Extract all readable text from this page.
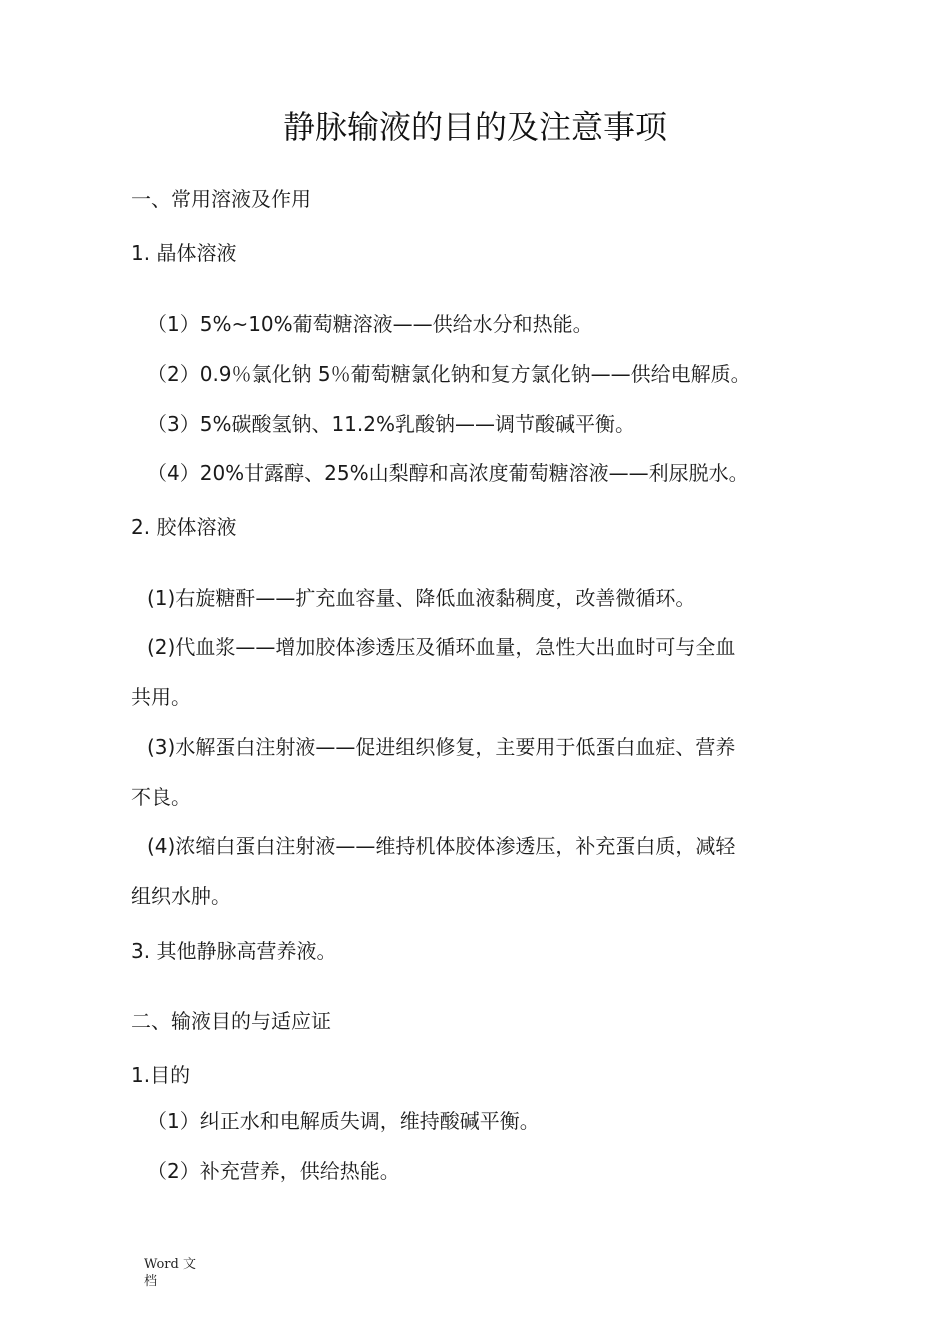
静脉输液的目的及注意事项
一、常用溶液及作用
1. 晶体溶液
（1）5%~10%葡萄糖溶液——供给水分和热能。
（2）0.9％氯化钠 5％葡萄糖氯化钠和复方氯化钠——供给电解质。
（3）5%碳酸氢钠、11.2%乳酸钠——调节酸碱平衡。
（4）20%甘露醇、25%山梨醇和高浓度葡萄糖溶液——利尿脱水。
2. 胶体溶液
(1)右旋糖酐——扩充血容量、降低血液黏稠度，改善微循环。
(2)代血浆——增加胶体渗透压及循环血量，急性大出血时可与全血
共用。
(3)水解蛋白注射液——促进组织修复，主要用于低蛋白血症、营养
不良。
(4)浓缩白蛋白注射液——维持机体胶体渗透压，补充蛋白质，减轻
组织水肿。
3. 其他静脉高营养液。
二、输液目的与适应证
1.目的
（1）纠正水和电解质失调，维持酸碱平衡。
（2）补充营养，供给热能。
Word 文档
